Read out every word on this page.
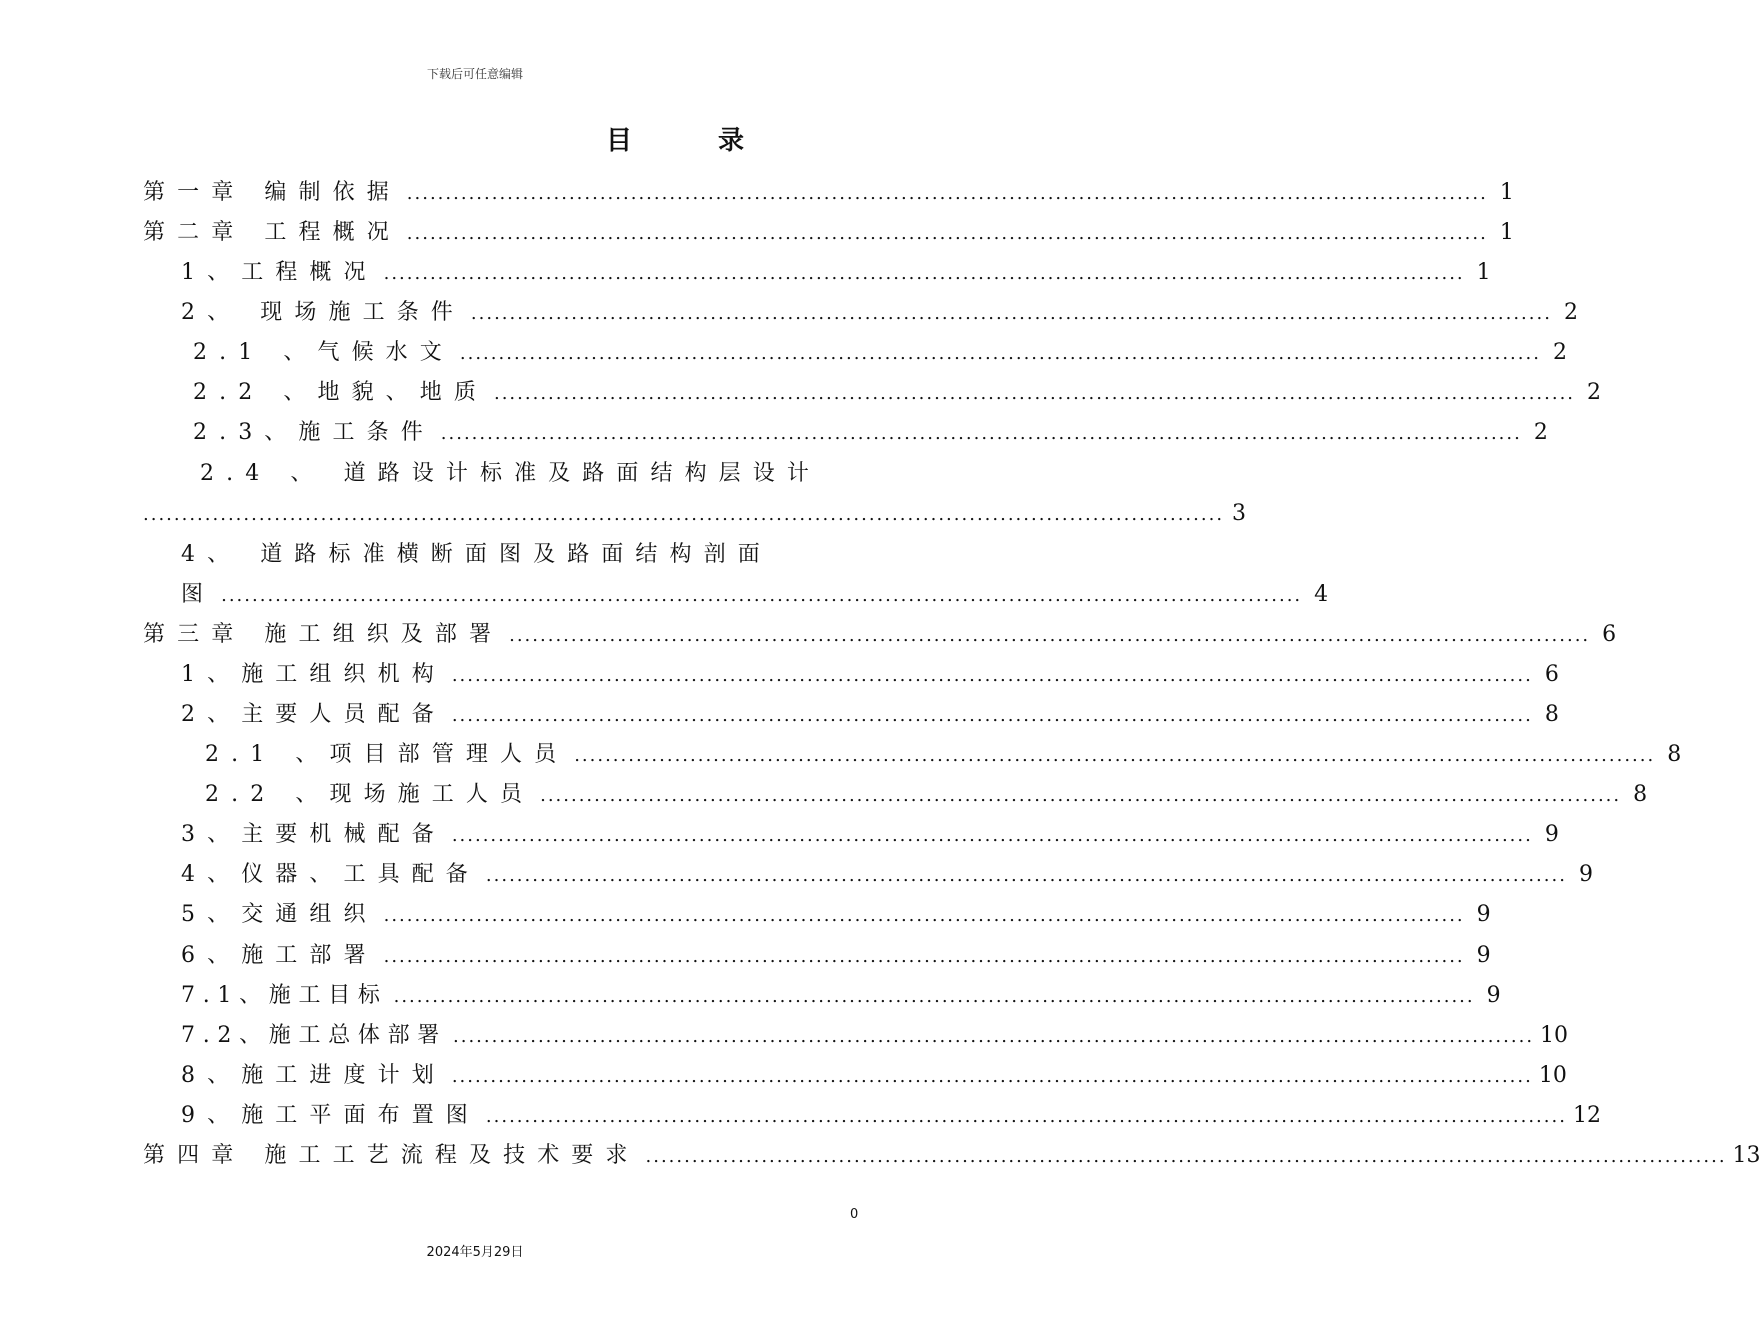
下载后可任意编辑
目	录
第一章 编制依据 ............................................................................................................................................ 1
第二章 工程概况 ............................................................................................................................................ 1
1、工程概况 ............................................................................................................................................ 1
2、 现场施工条件 ............................................................................................................................................ 2
2.1 、气候水文 ............................................................................................................................................ 2
2.2 、地貌、地质 ............................................................................................................................................ 2
2.3、施工条件 ............................................................................................................................................ 2
2.4 、 道路设计标准及路面结构层设计
............................................................................................................................................ 3
4、 道路标准横断面图及路面结构剖面
图 ............................................................................................................................................ 4
第三章 施工组织及部署 ............................................................................................................................................ 6
1、施工组织机构 ............................................................................................................................................ 6
2、主要人员配备 ............................................................................................................................................ 8
2.1 、项目部管理人员 ............................................................................................................................................ 8
2.2 、现场施工人员 ............................................................................................................................................ 8
3、主要机械配备 ............................................................................................................................................ 9
4、仪器、工具配备 ............................................................................................................................................ 9
5、交通组织 ............................................................................................................................................ 9
6、施工部署 ............................................................................................................................................ 9
7.1、施工目标 ............................................................................................................................................ 9
7.2、施工总体部署 ............................................................................................................................................ 10
8、施工进度计划 ............................................................................................................................................ 10
9、施工平面布置图 ............................................................................................................................................ 12
第四章 施工工艺流程及技术要求 ............................................................................................................................................ 13
0
2024年5月29日
